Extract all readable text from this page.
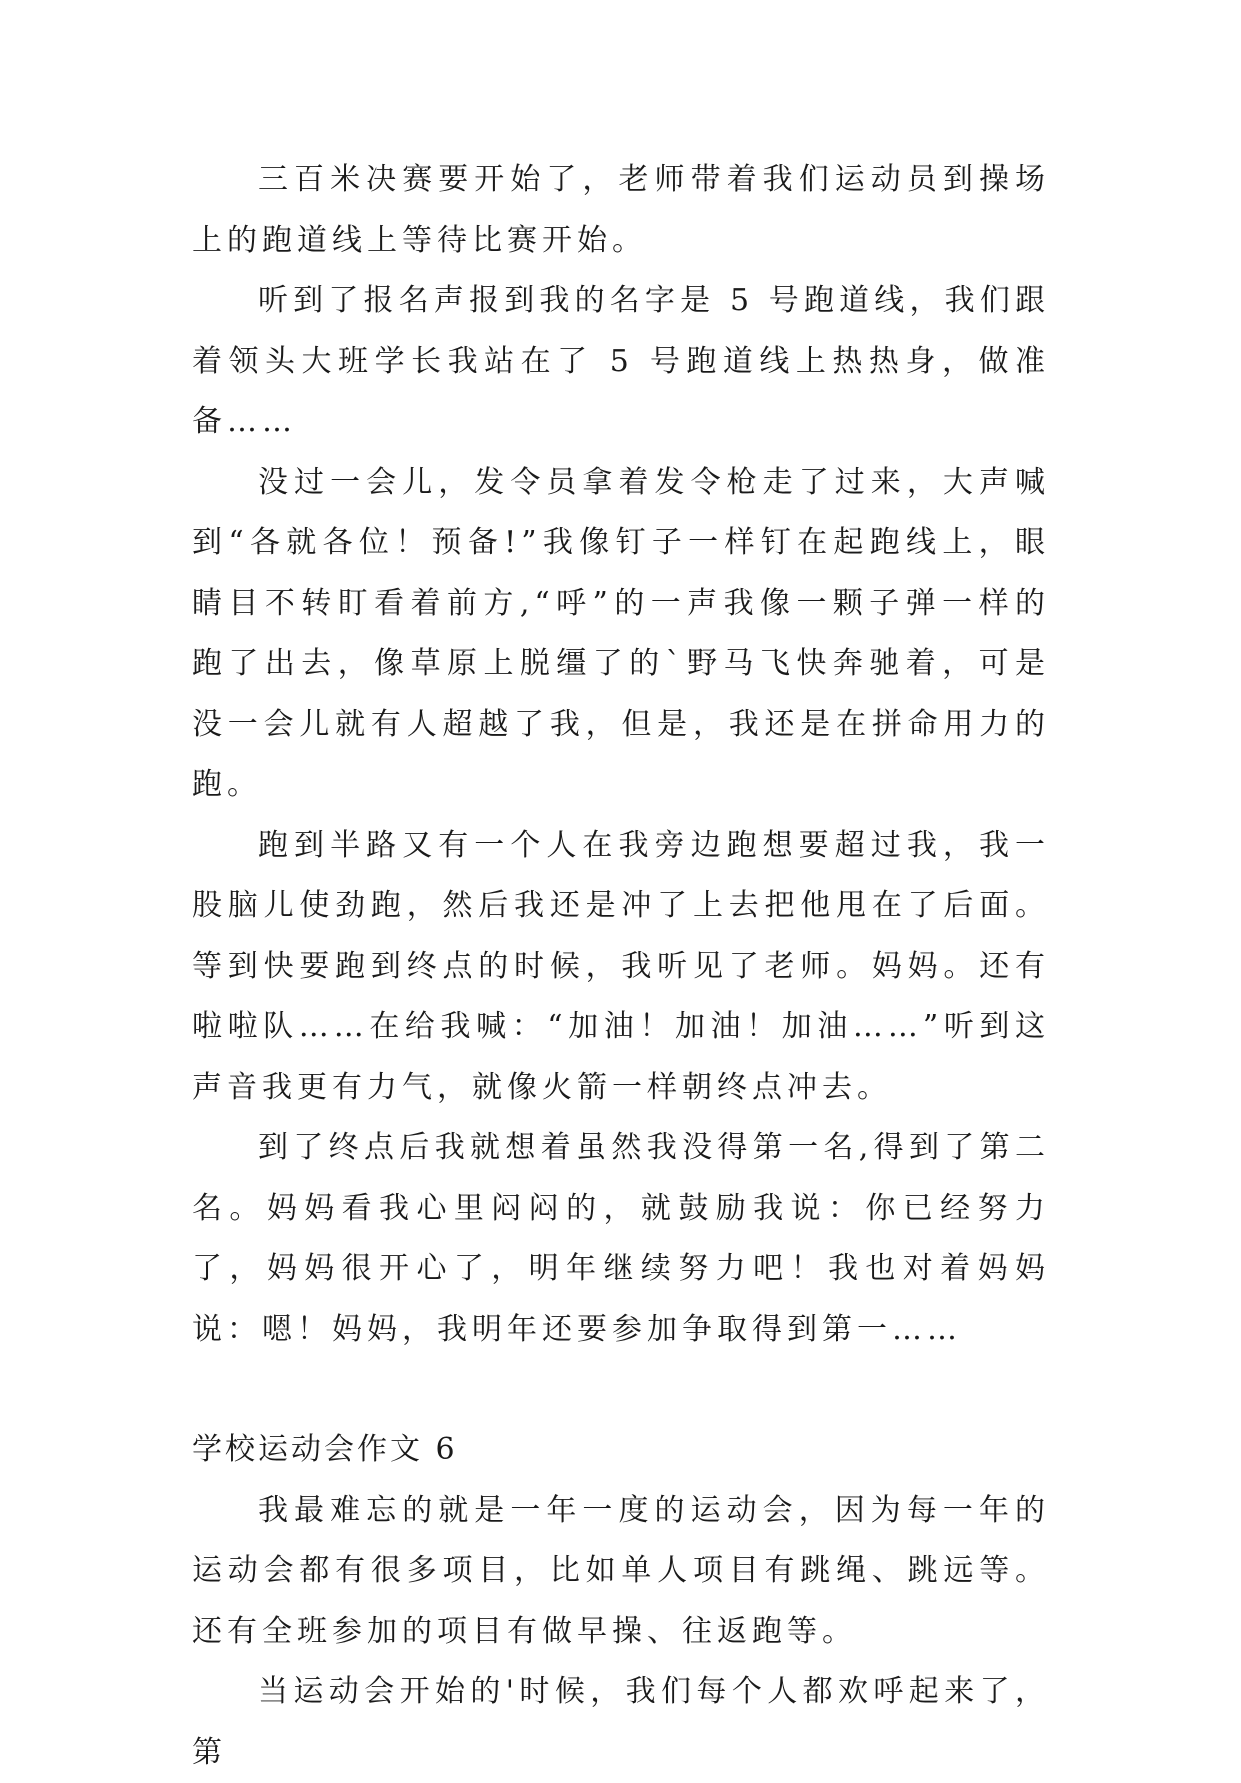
三百米决赛要开始了，老师带着我们运动员到操场上的跑道线上等待比赛开始。

听到了报名声报到我的名字是 5 号跑道线，我们跟着领头大班学长我站在了 5 号跑道线上热热身，做准备……

没过一会儿，发令员拿着发令枪走了过来，大声喊到“各就各位！预备!”我像钉子一样钉在起跑线上，眼睛目不转盯看着前方,“呼”的一声我像一颗子弹一样的跑了出去，像草原上脱缰了的`野马飞快奔驰着，可是没一会儿就有人超越了我，但是，我还是在拼命用力的跑。

跑到半路又有一个人在我旁边跑想要超过我，我一股脑儿使劲跑，然后我还是冲了上去把他甩在了后面。等到快要跑到终点的时候，我听见了老师。妈妈。还有啦啦队……在给我喊：“加油！加油！加油……”听到这声音我更有力气，就像火箭一样朝终点冲去。

到了终点后我就想着虽然我没得第一名,得到了第二名。妈妈看我心里闷闷的，就鼓励我说：你已经努力了，妈妈很开心了，明年继续努力吧！我也对着妈妈说：嗯！妈妈，我明年还要参加争取得到第一……

学校运动会作文 6

我最难忘的就是一年一度的运动会，因为每一年的运动会都有很多项目，比如单人项目有跳绳、跳远等。还有全班参加的项目有做早操、往返跑等。

当运动会开始的'时候，我们每个人都欢呼起来了，第
